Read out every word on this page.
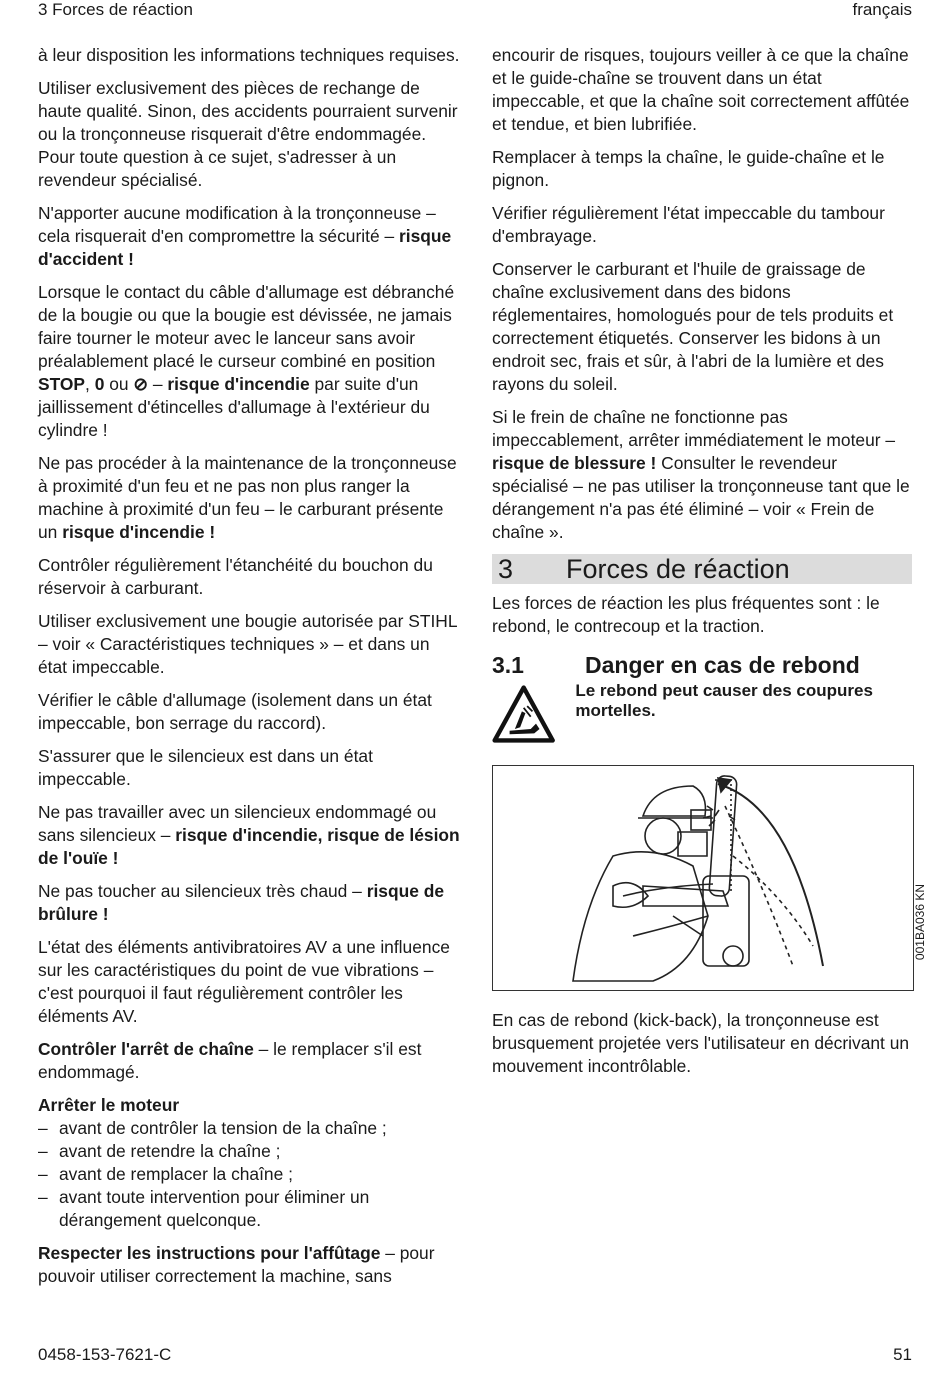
3 Forces de réaction	français

à leur disposition les informations techniques requises.

Utiliser exclusivement des pièces de rechange de haute qualité. Sinon, des accidents pourraient survenir ou la tronçonneuse risquerait d'être endommagée. Pour toute question à ce sujet, s'adresser à un revendeur spécialisé.

N'apporter aucune modification à la tronçonneuse – cela risquerait d'en compromettre la sécurité – risque d'accident !

Lorsque le contact du câble d'allumage est débranché de la bougie ou que la bougie est dévissée, ne jamais faire tourner le moteur avec le lanceur sans avoir préalablement placé le curseur combiné en position STOP, 0 ou ⊘ – risque d'incendie par suite d'un jaillissement d'étincelles d'allumage à l'extérieur du cylindre !

Ne pas procéder à la maintenance de la tronçonneuse à proximité d'un feu et ne pas non plus ranger la machine à proximité d'un feu – le carburant présente un risque d'incendie !

Contrôler régulièrement l'étanchéité du bouchon du réservoir à carburant.

Utiliser exclusivement une bougie autorisée par STIHL – voir « Caractéristiques techniques » – et dans un état impeccable.

Vérifier le câble d'allumage (isolement dans un état impeccable, bon serrage du raccord).

S'assurer que le silencieux est dans un état impeccable.

Ne pas travailler avec un silencieux endommagé ou sans silencieux – risque d'incendie, risque de lésion de l'ouïe !

Ne pas toucher au silencieux très chaud – risque de brûlure !

L'état des éléments antivibratoires AV a une influence sur les caractéristiques du point de vue vibrations – c'est pourquoi il faut régulièrement contrôler les éléments AV.

Contrôler l'arrêt de chaîne – le remplacer s'il est endommagé.

Arrêter le moteur
– avant de contrôler la tension de la chaîne ;
– avant de retendre la chaîne ;
– avant de remplacer la chaîne ;
– avant toute intervention pour éliminer un dérangement quelconque.

Respecter les instructions pour l'affûtage – pour pouvoir utiliser correctement la machine, sans

encourir de risques, toujours veiller à ce que la chaîne et le guide-chaîne se trouvent dans un état impeccable, et que la chaîne soit correctement affûtée et tendue, et bien lubrifiée.

Remplacer à temps la chaîne, le guide-chaîne et le pignon.

Vérifier régulièrement l'état impeccable du tambour d'embrayage.

Conserver le carburant et l'huile de graissage de chaîne exclusivement dans des bidons réglementaires, homologués pour de tels produits et correctement étiquetés. Conserver les bidons à un endroit sec, frais et sûr, à l'abri de la lumière et des rayons du soleil.

Si le frein de chaîne ne fonctionne pas impeccablement, arrêter immédiatement le moteur – risque de blessure ! Consulter le revendeur spécialisé – ne pas utiliser la tronçonneuse tant que le dérangement n'a pas été éliminé – voir « Frein de chaîne ».

3	Forces de réaction

Les forces de réaction les plus fréquentes sont : le rebond, le contrecoup et la traction.

3.1	Danger en cas de rebond
Le rebond peut causer des coupures mortelles.
001BA036 KN

En cas de rebond (kick-back), la tronçonneuse est brusquement projetée vers l'utilisateur en décrivant un mouvement incontrôlable.

0458-153-7621-C	51
